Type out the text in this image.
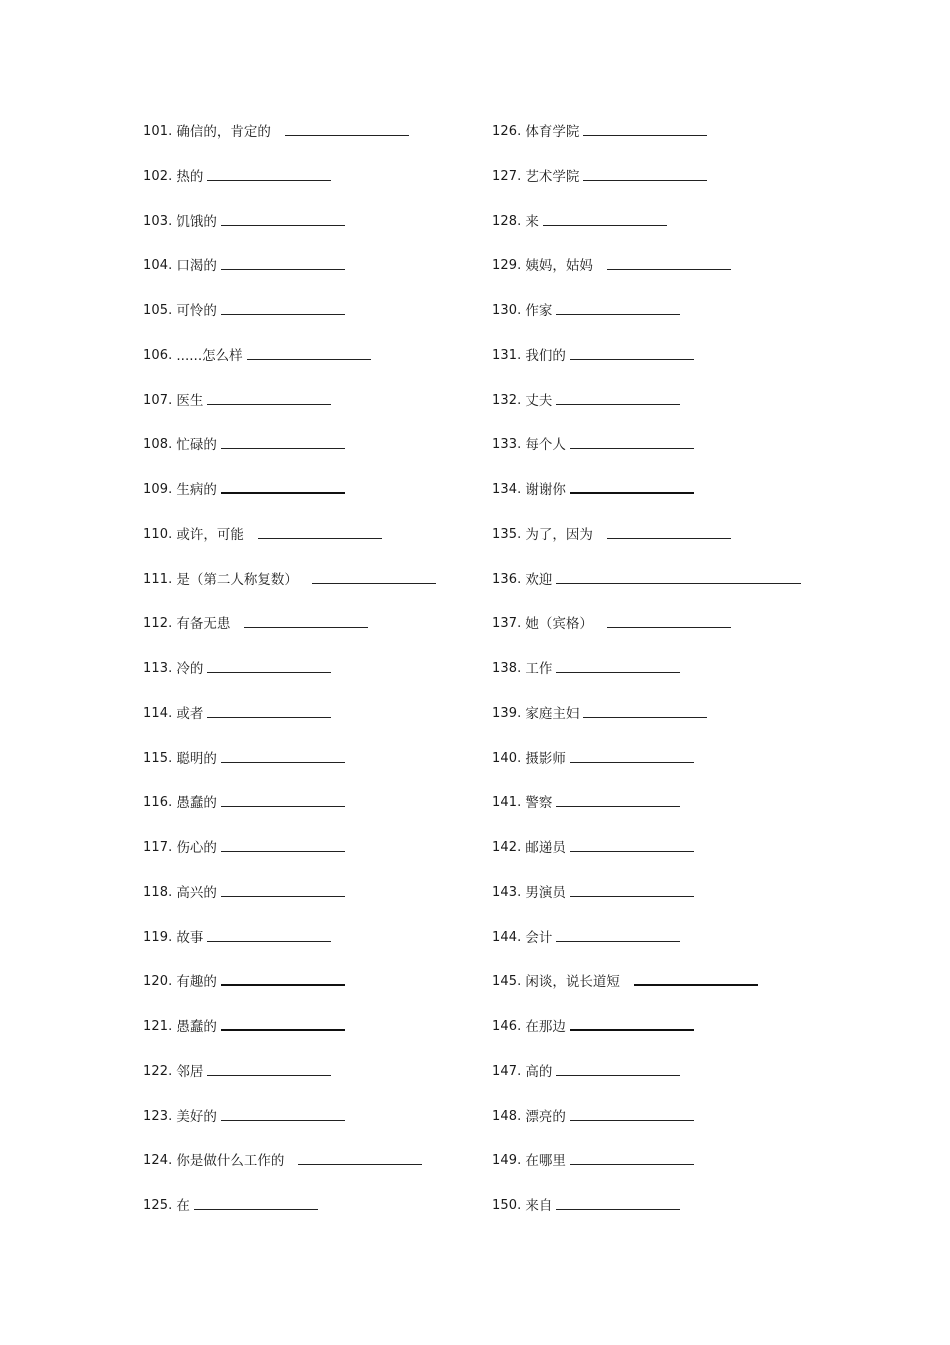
101. 确信的，肯定的
102. 热的
103. 饥饿的
104. 口渴的
105. 可怜的
106. ......怎么样
107. 医生
108. 忙碌的
109. 生病的
110. 或许，可能
111. 是（第二人称复数）
112. 有备无患
113. 冷的
114. 或者
115. 聪明的
116. 愚蠢的
117. 伤心的
118. 高兴的
119. 故事
120. 有趣的
121. 愚蠢的
122. 邻居
123. 美好的
124. 你是做什么工作的
125. 在
126. 体育学院
127. 艺术学院
128. 来
129. 姨妈，姑妈
130. 作家
131. 我们的
132. 丈夫
133. 每个人
134. 谢谢你
135. 为了，因为
136. 欢迎
137. 她（宾格）
138. 工作
139. 家庭主妇
140. 摄影师
141. 警察
142. 邮递员
143. 男演员
144. 会计
145. 闲谈，说长道短
146. 在那边
147. 高的
148. 漂亮的
149. 在哪里
150. 来自
